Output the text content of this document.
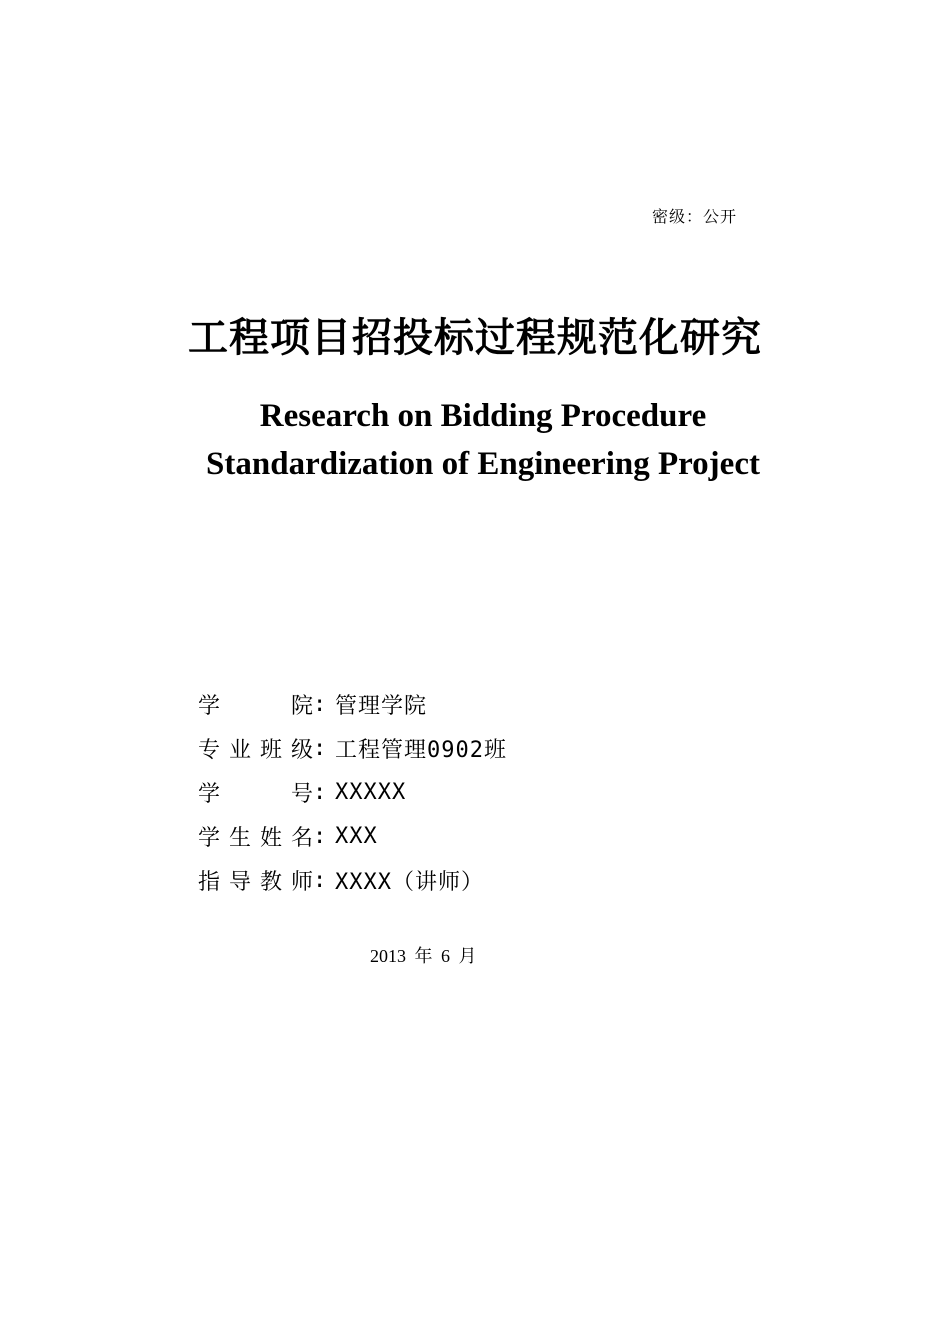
密级：公开
工程项目招投标过程规范化研究
Research on Bidding Procedure
Standardization of Engineering Project
学	院 : 管理学院
专 业 班 级 : 工程管理0902班
学	号 : XXXXX
学 生 姓 名 : XXX
指 导 教 师 : XXXX（讲师）
2013 年 6 月
